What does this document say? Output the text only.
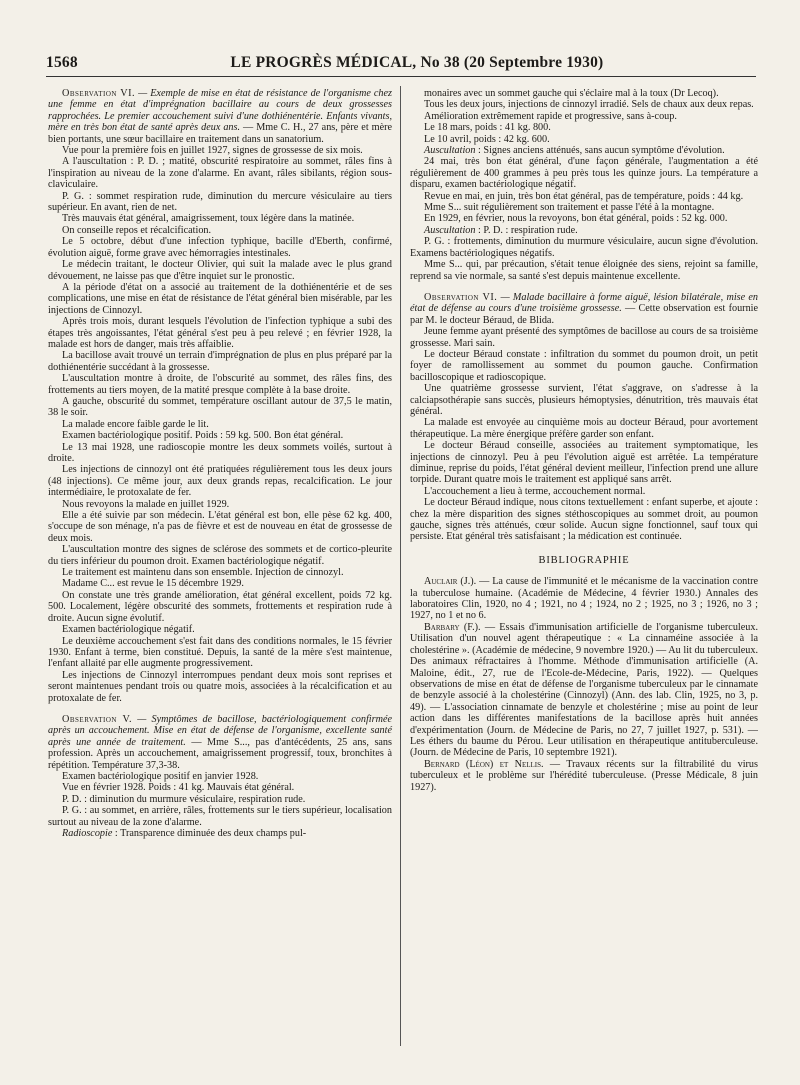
1568	LE PROGRÈS MÉDICAL, No 38 (20 Septembre 1930)

Observation VI. — Exemple de mise en état de résistance de l'organisme chez une femme en état d'imprégnation bacillaire au cours de deux grossesses rapprochées. Le premier accouchement suivi d'une dothiénentérie. Enfants vivants, mère en très bon état de santé après deux ans. — Mme C. H., 27 ans, père et mère bien portants, une sœur bacillaire en traitement dans un sanatorium.

Vue pour la première fois en juillet 1927, signes de grossesse de six mois.

A l'auscultation : P. D. ; matité, obscurité respiratoire au sommet, râles fins à l'inspiration au niveau de la zone d'alarme. En avant, râles sibilants, région sous-claviculaire.

P. G. : sommet respiration rude, diminution du mercure vésiculaire au tiers supérieur. En avant, rien de net.

Très mauvais état général, amaigrissement, toux légère dans la matinée.

On conseille repos et récalcification.

Le 5 octobre, début d'une infection typhique, bacille d'Eberth, confirmé, évolution aiguë, forme grave avec hémorragies intestinales.

Le médecin traitant, le docteur Olivier, qui suit la malade avec le plus grand dévouement, ne laisse pas que d'être inquiet sur le pronostic.

A la période d'état on a associé au traitement de la dothiénentérie et de ses complications, une mise en état de résistance de l'état général bien misérable, par les injections de Cinnozyl.

Après trois mois, durant lesquels l'évolution de l'infection typhique a subi des étapes très angoissantes, l'état général s'est peu à peu relevé ; en février 1928, la malade est hors de danger, mais très affaiblie.

La bacillose avait trouvé un terrain d'imprégnation de plus en plus préparé par la dothiénentérie succédant à la grossesse.

L'auscultation montre à droite, de l'obscurité au sommet, des râles fins, des frottements au tiers moyen, de la matité presque complète à la base droite.

A gauche, obscurité du sommet, température oscillant autour de 37,5 le matin, 38 le soir.

La malade encore faible garde le lit.

Examen bactériologique positif. Poids : 59 kg. 500. Bon état général.

Le 13 mai 1928, une radioscopie montre les deux sommets voilés, surtout à droite.

Les injections de cinnozyl ont été pratiquées régulièrement tous les deux jours (48 injections). Ce même jour, aux deux grands repas, recalcification. Le jour intermédiaire, le protoxalate de fer.

Nous revoyons la malade en juillet 1929.

Elle a été suivie par son médecin. L'état général est bon, elle pèse 62 kg. 400, s'occupe de son ménage, n'a pas de fièvre et est de nouveau en état de grossesse de deux mois.

L'auscultation montre des signes de sclérose des sommets et de cortico-pleurite du tiers inférieur du poumon droit. Examen bactériologique négatif.

Le traitement est maintenu dans son ensemble. Injection de cinnozyl.

Madame C... est revue le 15 décembre 1929.

On constate une très grande amélioration, état général excellent, poids 72 kg. 500. Localement, légère obscurité des sommets, frottements et respiration rude à droite. Aucun signe évolutif.

Examen bactériologique négatif.

Le deuxième accouchement s'est fait dans des conditions normales, le 15 février 1930. Enfant à terme, bien constitué. Depuis, la santé de la mère s'est maintenue, l'enfant allaité par elle augmente progressivement.

Les injections de Cinnozyl interrompues pendant deux mois sont reprises et seront maintenues pendant trois ou quatre mois, associées à la récalcification et au protoxalate de fer.

Observation V. — Symptômes de bacillose, bactériologiquement confirmée après un accouchement. Mise en état de défense de l'organisme, excellente santé après une année de traitement. — Mme S..., pas d'antécédents, 25 ans, sans profession. Après un accouchement, amaigrissement progressif, toux, bronchites à répétition. Température 37,3-38.

Examen bactériologique positif en janvier 1928.

Vue en février 1928. Poids : 41 kg. Mauvais état général.

P. D. : diminution du murmure vésiculaire, respiration rude.

P. G. : au sommet, en arrière, râles, frottements sur le tiers supérieur, localisation surtout au niveau de la zone d'alarme.

Radioscopie : Transparence diminuée des deux champs pul-

monaires avec un sommet gauche qui s'éclaire mal à la toux (Dr Lecoq).

Tous les deux jours, injections de cinnozyl irradié. Sels de chaux aux deux repas.

Amélioration extrêmement rapide et progressive, sans à-coup.

Le 18 mars, poids : 41 kg. 800.

Le 10 avril, poids : 42 kg. 600.

Auscultation : Signes anciens atténués, sans aucun symptôme d'évolution.

24 mai, très bon état général, d'une façon générale, l'augmentation a été régulièrement de 400 grammes à peu près tous les quinze jours. La température a disparu, examen bactériologique négatif.

Revue en mai, en juin, très bon état général, pas de température, poids : 44 kg.

Mme S... suit régulièrement son traitement et passe l'été à la montagne.

En 1929, en février, nous la revoyons, bon état général, poids : 52 kg. 000.

Auscultation : P. D. : respiration rude.

P. G. : frottements, diminution du murmure vésiculaire, aucun signe d'évolution. Examens bactériologiques négatifs.

Mme S... qui, par précaution, s'était tenue éloignée des siens, rejoint sa famille, reprend sa vie normale, sa santé s'est depuis maintenue excellente.

Observation VI. — Malade bacillaire à forme aiguë, lésion bilatérale, mise en état de défense au cours d'une troisième grossesse. — Cette observation est fournie par M. le docteur Béraud, de Blida.

Jeune femme ayant présenté des symptômes de bacillose au cours de sa troisième grossesse. Mari sain.

Le docteur Béraud constate : infiltration du sommet du poumon droit, un petit foyer de ramollissement au sommet du poumon gauche. Confirmation bacilloscopique et radioscopique.

Une quatrième grossesse survient, l'état s'aggrave, on s'adresse à la calciapsothérapie sans succès, plusieurs hémoptysies, dénutrition, très mauvais état général.

La malade est envoyée au cinquième mois au docteur Béraud, pour avortement thérapeutique. La mère énergique préfère garder son enfant.

Le docteur Béraud conseille, associées au traitement symptomatique, les injections de cinnozyl. Peu à peu l'évolution aiguë est arrêtée. La température diminue, reprise du poids, l'état général devient meilleur, l'infection prend une allure torpide. Durant quatre mois le traitement est appliqué sans arrêt.

L'accouchement a lieu à terme, accouchement normal.

Le docteur Béraud indique, nous citons textuellement : enfant superbe, et ajoute : chez la mère disparition des signes stéthoscopiques au sommet droit, au poumon gauche, signes très atténués, cœur solide. Aucun signe fonctionnel, sauf toux qui persiste. Etat général très satisfaisant ; la médication est continuée.

BIBLIOGRAPHIE

Auclair (J.). — La cause de l'immunité et le mécanisme de la vaccination contre la tuberculose humaine. (Académie de Médecine, 4 février 1930.) Annales des laboratoires Clin, 1920, no 4 ; 1921, no 4 ; 1924, no 2 ; 1925, no 3 ; 1926, no 3 ; 1927, no 1 et no 6.

Barbary (F.). — Essais d'immunisation artificielle de l'organisme tuberculeux. Utilisation d'un nouvel agent thérapeutique : « La cinnaméine associée à la cholestérine ». (Académie de médecine, 9 novembre 1920.) — Au lit du tuberculeux. Des animaux réfractaires à l'homme. Méthode d'immunisation artificielle (A. Maloine, édit., 27, rue de l'Ecole-de-Médecine, Paris, 1922). — Quelques observations de mise en état de défense de l'organisme tuberculeux par le cinnamate de benzyle associé à la cholestérine (Cinnozyl) (Ann. des lab. Clin, 1925, no 3, p. 49). — L'association cinnamate de benzyle et cholestérine ; mise au point de leur action dans les différentes manifestations de la bacillose après huit années d'expérimentation (Journ. de Médecine de Paris, no 27, 7 juillet 1927, p. 531). — Les éthers du baume du Pérou. Leur utilisation en thérapeutique antituberculeuse. (Journ. de Médecine de Paris, 10 septembre 1921).

Bernard (Léon) et Nellis. — Travaux récents sur la filtrabilité du virus tuberculeux et le problème sur l'hérédité tuberculeuse. (Presse Médicale, 8 juin 1927).
